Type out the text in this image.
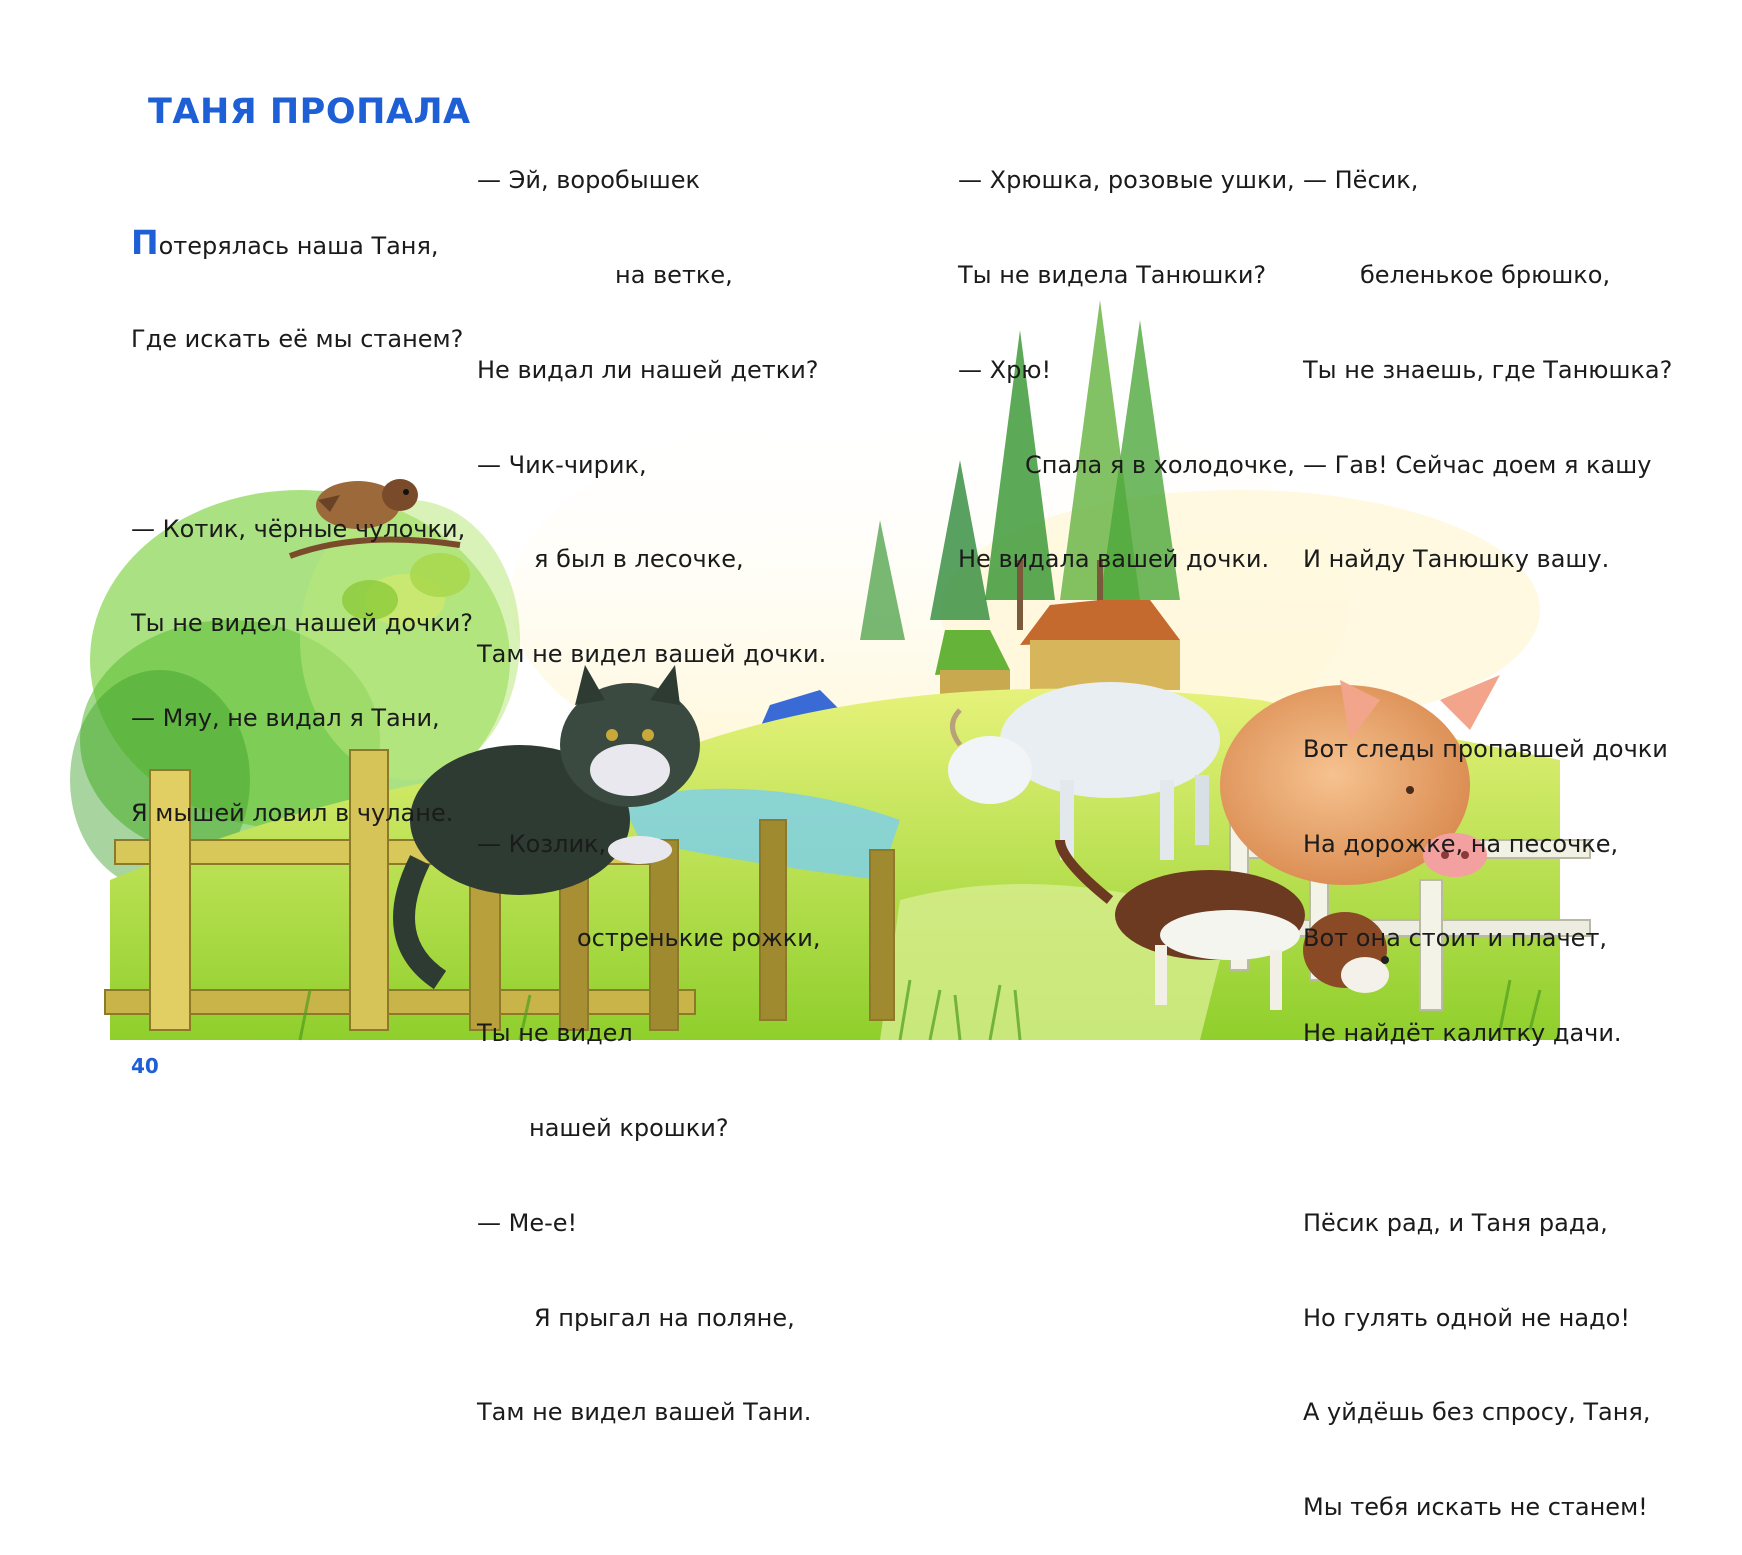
ТАНЯ ПРОПАЛА

Потерялась наша Таня,

Где искать её мы станем?

— Котик, чёрные чулочки,

Ты не видел нашей дочки?

— Мяу, не видал я Тани,

Я мышей ловил в чулане.

— Эй, воробышек

на ветке,

Не видал ли нашей детки?

— Чик-чирик,

я был в лесочке,

Там не видел вашей дочки.

— Козлик,

остренькие рожки,

Ты не видел

нашей крошки?

— Ме-е!

Я прыгал на поляне,

Там не видел вашей Тани.

— Хрюшка, розовые ушки,

Ты не видела Танюшки?

— Хрю!

Спала я в холодочке,

Не видала вашей дочки.

— Пёсик,

беленькое брюшко,

Ты не знаешь, где Танюшка?

— Гав! Сейчас доем я кашу

И найду Танюшку вашу.

Вот следы пропавшей дочки

На дорожке, на песочке,

Вот она стоит и плачет,

Не найдёт калитку дачи.

Пёсик рад, и Таня рада,

Но гулять одной не надо!

А уйдёшь без спросу, Таня,

Мы тебя искать не станем!

40
